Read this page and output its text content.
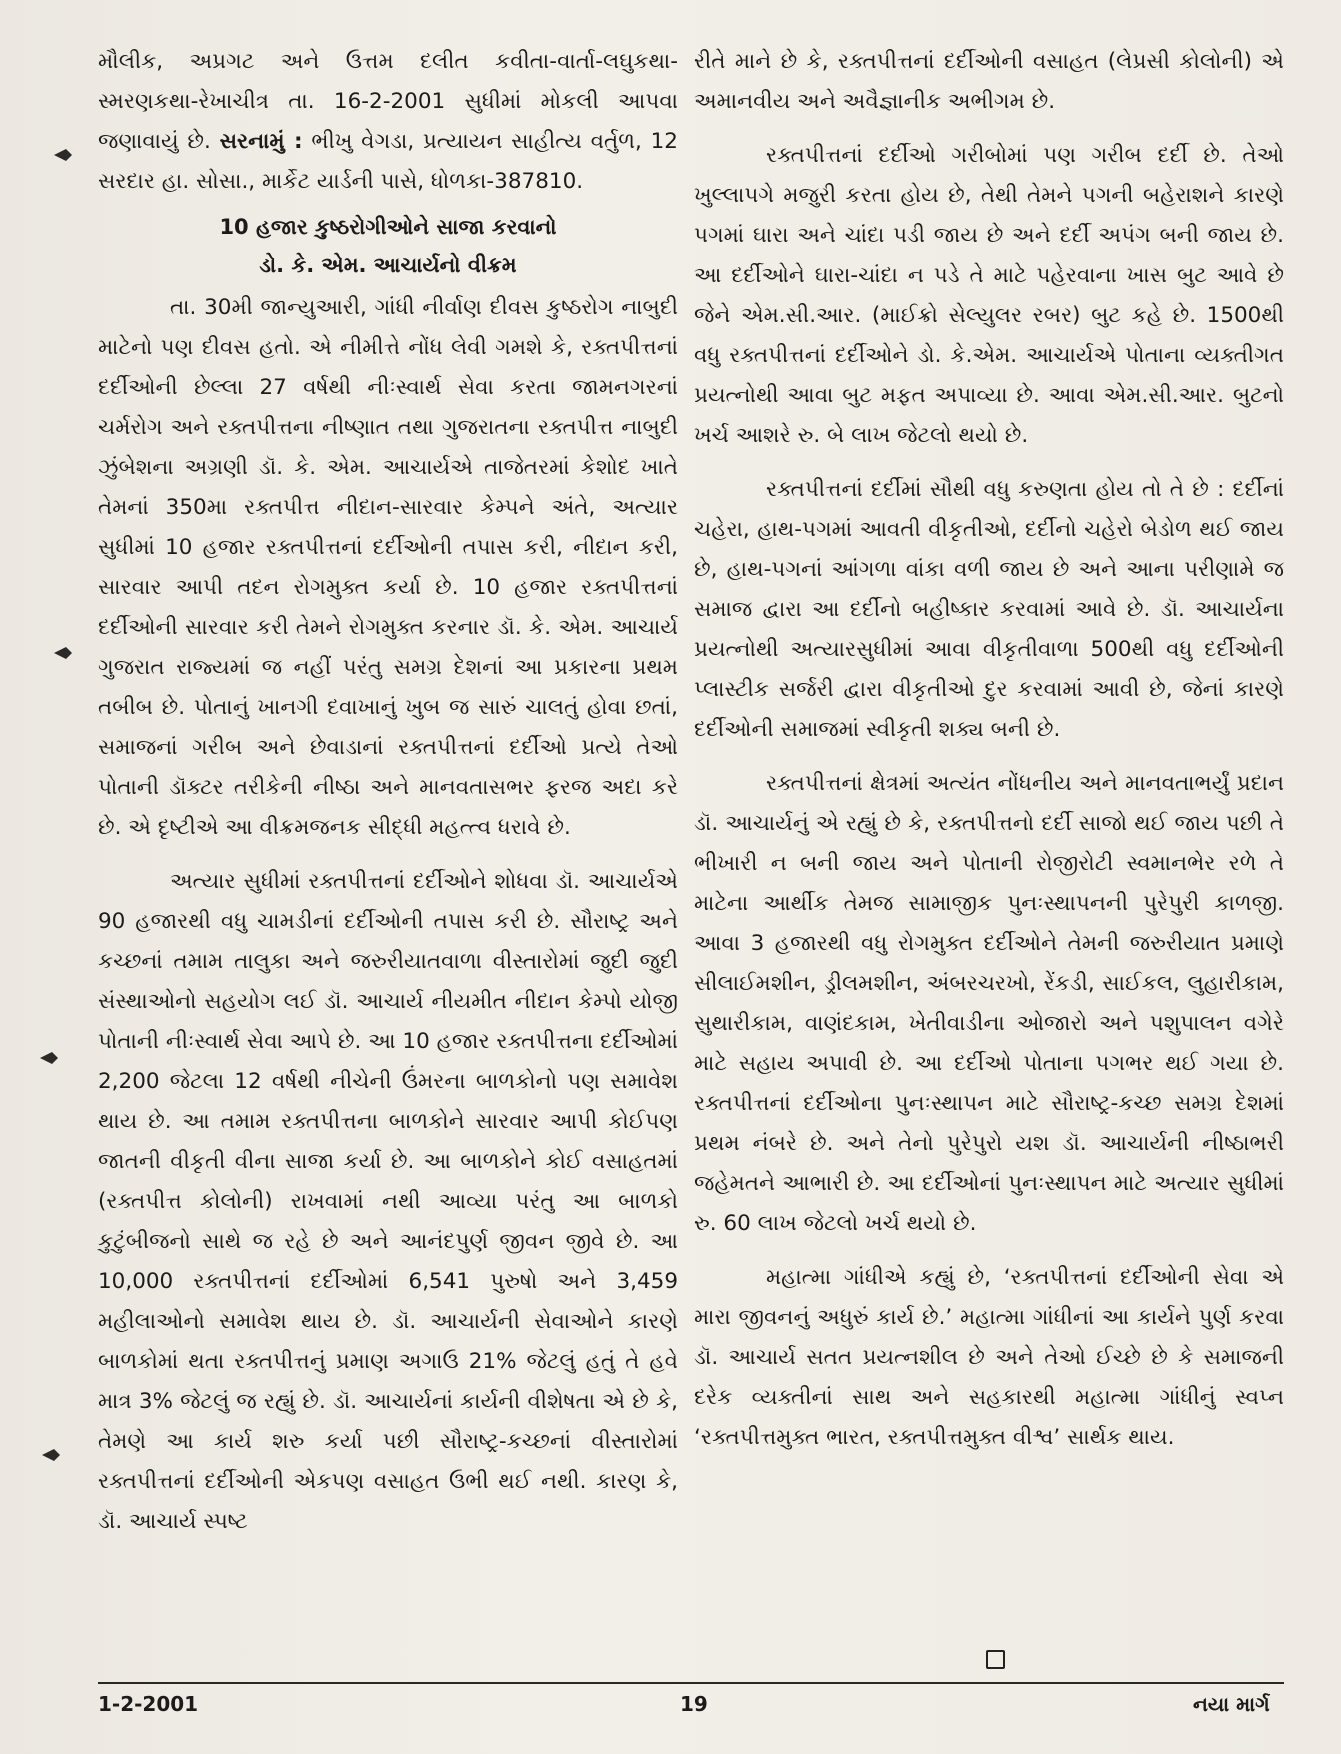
મૌલીક, અપ્રગટ અને ઉત્તમ દલીત કવીતા-વાર્તા-લઘુકથા-સ્મરણકથા-રેખાચીત્ર તા. 16-2-2001 સુધીમાં મોકલી આપવા જણાવાયું છે. સરનામું : ભીખુ વેગડા, પ્રત્યાયન સાહીત્ય વર્તુળ, 12 સરદાર હા. સોસા., માર્કેટ યાર્ડની પાસે, ધોળકા-387810.

10 હજાર કુષ્ઠરોગીઓને સાજા કરવાનો
ડો. કે. એમ. આચાર્યનો વીક્રમ

તા. 30મી જાન્યુઆરી, ગાંધી નીર્વાણ દીવસ કુષ્ઠરોગ નાબુદી માટેનો પણ દીવસ હતો. એ નીમીત્તે નોંધ લેવી ગમશે કે, રક્તપીત્તનાં દર્દીઓની છેલ્લા 27 વર્ષથી નીઃસ્વાર્થ સેવા કરતા જામનગરનાં ચર્મરોગ અને રક્તપીત્તના નીષ્ણાત તથા ગુજરાતના રક્તપીત્ત નાબુદી ઝુંબેશના અગ્રણી ડૉ. કે. એમ. આચાર્યએ તાજેતરમાં કેશોદ ખાતે તેમનાં 350મા રક્તપીત્ત નીદાન-સારવાર કેમ્પને અંતે, અત્યાર સુધીમાં 10 હજાર રક્તપીત્તનાં દર્દીઓની તપાસ કરી, નીદાન કરી, સારવાર આપી તદન રોગમુક્ત કર્યા છે. 10 હજાર રક્તપીત્તનાં દર્દીઓની સારવાર કરી તેમને રોગમુક્ત કરનાર ડૉ. કે. એમ. આચાર્ય ગુજરાત રાજ્યમાં જ નહીં પરંતુ સમગ્ર દેશનાં આ પ્રકારના પ્રથમ તબીબ છે. પોતાનું ખાનગી દવાખાનું ખુબ જ સારું ચાલતું હોવા છતાં, સમાજનાં ગરીબ અને છેવાડાનાં રક્તપીત્તનાં દર્દીઓ પ્રત્યે તેઓ પોતાની ડૉક્ટર તરીકેની નીષ્ઠા અને માનવતાસભર ફરજ અદા કરે છે. એ દૃષ્ટીએ આ વીક્રમજનક સીદ્ધી મહત્ત્વ ધરાવે છે.

અત્યાર સુધીમાં રક્તપીત્તનાં દર્દીઓને શોધવા ડૉ. આચાર્યએ 90 હજારથી વધુ ચામડીનાં દર્દીઓની તપાસ કરી છે. સૌરાષ્ટ્ર અને કચ્છનાં તમામ તાલુકા અને જરુરીયાતવાળા વીસ્તારોમાં જુદી જુદી સંસ્થાઓનો સહયોગ લઈ ડૉ. આચાર્ય નીયમીત નીદાન કેમ્પો યોજી પોતાની નીઃસ્વાર્થ સેવા આપે છે. આ 10 હજાર રક્તપીત્તના દર્દીઓમાં 2,200 જેટલા 12 વર્ષથી નીચેની ઉંમરના બાળકોનો પણ સમાવેશ થાય છે. આ તમામ રક્તપીત્તના બાળકોને સારવાર આપી કોઈપણ જાતની વીકૃતી વીના સાજા કર્યા છે. આ બાળકોને કોઈ વસાહતમાં (રક્તપીત્ત કોલોની) રાખવામાં નથી આવ્યા પરંતુ આ બાળકો કુટુંબીજનો સાથે જ રહે છે અને આનંદપુર્ણ જીવન જીવે છે. આ 10,000 રક્તપીત્તનાં દર્દીઓમાં 6,541 પુરુષો અને 3,459 મહીલાઓનો સમાવેશ થાય છે. ડૉ. આચાર્યની સેવાઓને કારણે બાળકોમાં થતા રક્તપીત્તનું પ્રમાણ અગાઉ 21% જેટલું હતું તે હવે માત્ર 3% જેટલું જ રહ્યું છે. ડૉ. આચાર્યનાં કાર્યની વીશેષતા એ છે કે, તેમણે આ કાર્ય શરુ કર્યા પછી સૌરાષ્ટ્ર-કચ્છનાં વીસ્તારોમાં રક્તપીત્તનાં દર્દીઓની એકપણ વસાહત ઉભી થઈ નથી. કારણ કે, ડૉ. આચાર્ય સ્પષ્ટ

રીતે માને છે કે, રક્તપીત્તનાં દર્દીઓની વસાહત (લેપ્રસી કોલોની) એ અમાનવીય અને અવૈજ્ઞાનીક અભીગમ છે.

રક્તપીત્તનાં દર્દીઓ ગરીબોમાં પણ ગરીબ દર્દી છે. તેઓ ખુલ્લાપગે મજુરી કરતા હોય છે, તેથી તેમને પગની બહેરાશને કારણે પગમાં ઘારા અને ચાંદા પડી જાય છે અને દર્દી અપંગ બની જાય છે. આ દર્દીઓને ઘારા-ચાંદા ન પડે તે માટે પહેરવાના ખાસ બુટ આવે છે જેને એમ.સી.આર. (માઈક્રો સેલ્યુલર રબર) બુટ કહે છે. 1500થી વધુ રક્તપીત્તનાં દર્દીઓને ડો. કે.એમ. આચાર્યએ પોતાના વ્યક્તીગત પ્રયત્નોથી આવા બુટ મફત અપાવ્યા છે. આવા એમ.સી.આર. બુટનો ખર્ચ આશરે રુ. બે લાખ જેટલો થયો છે.

રક્તપીત્તનાં દર્દીમાં સૌથી વધુ કરુણતા હોય તો તે છે : દર્દીનાં ચહેરા, હાથ-પગમાં આવતી વીકૃતીઓ, દર્દીનો ચહેરો બેડોળ થઈ જાય છે, હાથ-પગનાં આંગળા વાંકા વળી જાય છે અને આના પરીણામે જ સમાજ દ્વારા આ દર્દીનો બહીષ્કાર કરવામાં આવે છે. ડૉ. આચાર્યના પ્રયત્નોથી અત્યારસુધીમાં આવા વીકૃતીવાળા 500થી વધુ દર્દીઓની પ્લાસ્ટીક સર્જરી દ્વારા વીકૃતીઓ દુર કરવામાં આવી છે, જેનાં કારણે દર્દીઓની સમાજમાં સ્વીકૃતી શક્ય બની છે.

રક્તપીત્તનાં ક્ષેત્રમાં અત્યંત નોંધનીય અને માનવતાભર્યું પ્રદાન ડૉ. આચાર્યનું એ રહ્યું છે કે, રક્તપીત્તનો દર્દી સાજો થઈ જાય પછી તે ભીખારી ન બની જાય અને પોતાની રોજીરોટી સ્વમાનભેર રળે તે માટેના આર્થીક તેમજ સામાજીક પુનઃસ્થાપનની પુરેપુરી કાળજી. આવા 3 હજારથી વધુ રોગમુક્ત દર્દીઓને તેમની જરુરીયાત પ્રમાણે સીલાઈમશીન, ડ્રીલમશીન, અંબરચરખો, રેંકડી, સાઈકલ, લુહારીકામ, સુથારીકામ, વાણંદકામ, ખેતીવાડીના ઓજારો અને પશુપાલન વગેરે માટે સહાય અપાવી છે. આ દર્દીઓ પોતાના પગભર થઈ ગયા છે. રક્તપીત્તનાં દર્દીઓના પુનઃસ્થાપન માટે સૌરાષ્ટ્ર-કચ્છ સમગ્ર દેશમાં પ્રથમ નંબરે છે. અને તેનો પુરેપુરો યશ ડૉ. આચાર્યની નીષ્ઠાભરી જહેમતને આભારી છે. આ દર્દીઓનાં પુનઃસ્થાપન માટે અત્યાર સુધીમાં રુ. 60 લાખ જેટલો ખર્ચ થયો છે.

મહાત્મા ગાંધીએ કહ્યું છે, ‘રક્તપીત્તનાં દર્દીઓની સેવા એ મારા જીવનનું અધુરું કાર્ય છે.’ મહાત્મા ગાંધીનાં આ કાર્યને પુર્ણ કરવા ડૉ. આચાર્ય સતત પ્રયત્નશીલ છે અને તેઓ ઈચ્છે છે કે સમાજની દરેક વ્યક્તીનાં સાથ અને સહકારથી મહાત્મા ગાંધીનું સ્વપ્ન ‘રક્તપીત્તમુક્ત ભારત, રક્તપીત્તમુક્ત વીશ્વ’ સાર્થક થાય.

1-2-2001	19	નયા માર્ગ
